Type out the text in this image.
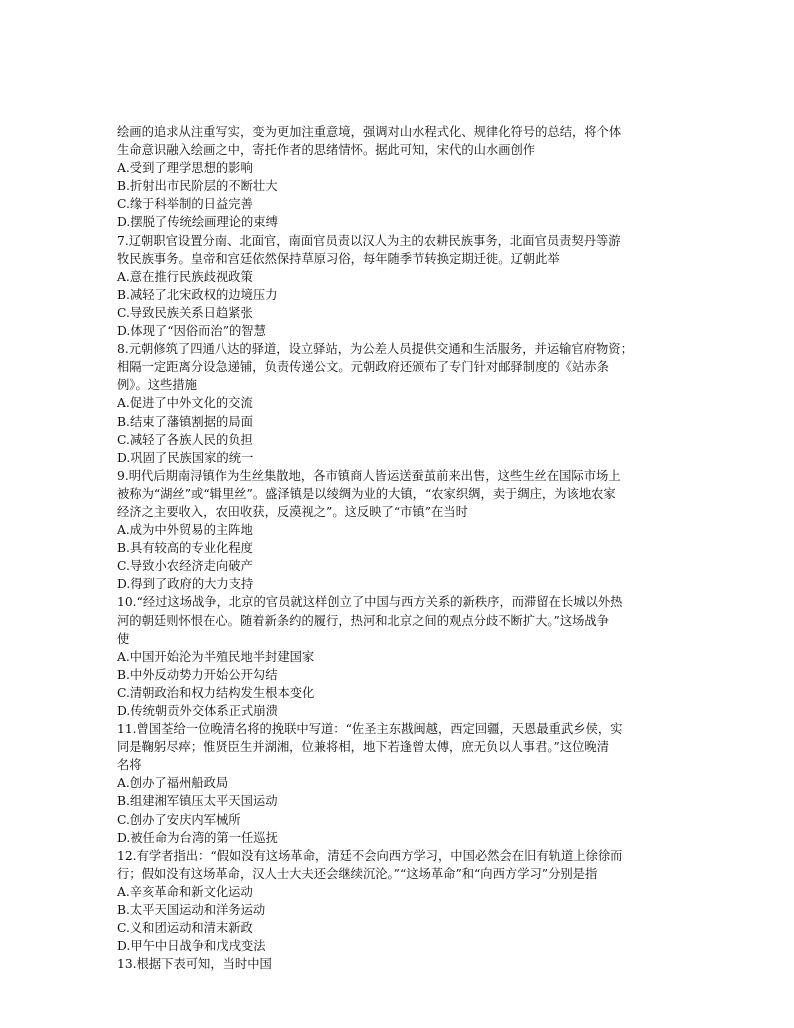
绘画的追求从注重写实，变为更加注重意境，强调对山水程式化、规律化符号的总结，将个体
生命意识融入绘画之中，寄托作者的思绪情怀。据此可知，宋代的山水画创作
A.受到了理学思想的影响
B.折射出市民阶层的不断壮大
C.缘于科举制的日益完善
D.摆脱了传统绘画理论的束缚
7.辽朝职官设置分南、北面官，南面官员责以汉人为主的农耕民族事务，北面官员责契丹等游
牧民族事务。皇帝和宫廷依然保持草原习俗，每年随季节转换定期迁徙。辽朝此举
A.意在推行民族歧视政策
B.减轻了北宋政权的边境压力
C.导致民族关系日趋紧张
D.体现了“因俗而治”的智慧
8.元朝修筑了四通八达的驿道，设立驿站，为公差人员提供交通和生活服务，并运输官府物资；
相隔一定距离分设急递铺，负责传递公文。元朝政府还颁布了专门针对邮驿制度的《站赤条
例》。这些措施
A.促进了中外文化的交流
B.结束了藩镇割据的局面
C.减轻了各族人民的负担
D.巩固了民族国家的统一
9.明代后期南浔镇作为生丝集散地，各市镇商人皆运送蚕茧前来出售，这些生丝在国际市场上
被称为“湖丝”或“辑里丝”。盛泽镇是以绫绸为业的大镇，“农家织绸，卖于绸庄，为该地农家
经济之主要收入，农田收获，反漠视之”。这反映了“市镇”在当时
A.成为中外贸易的主阵地
B.具有较高的专业化程度
C.导致小农经济走向破产
D.得到了政府的大力支持
10.“经过这场战争，北京的官员就这样创立了中国与西方关系的新秩序，而滞留在长城以外热
河的朝廷则怀恨在心。随着新条约的履行，热河和北京之间的观点分歧不断扩大。”这场战争
使
A.中国开始沦为半殖民地半封建国家
B.中外反动势力开始公开勾结
C.清朝政治和权力结构发生根本变化
D.传统朝贡外交体系正式崩溃
11.曾国荃给一位晚清名将的挽联中写道：“佐圣主东戡闽越，西定回疆，天恩最重武乡侯，实
同是鞠躬尽瘁；惟贤臣生并湖湘，位兼将相，地下若逢曾太傅，庶无负以人事君。”这位晚清
名将
A.创办了福州船政局
B.组建湘军镇压太平天国运动
C.创办了安庆内军械所
D.被任命为台湾的第一任巡抚
12.有学者指出：“假如没有这场革命，清廷不会向西方学习，中国必然会在旧有轨道上徐徐而
行；假如没有这场革命，汉人士大夫还会继续沉沦。”“这场革命”和“向西方学习”分别是指
A.辛亥革命和新文化运动
B.太平天国运动和洋务运动
C.义和团运动和清末新政
D.甲午中日战争和戊戌变法
13.根据下表可知，当时中国
